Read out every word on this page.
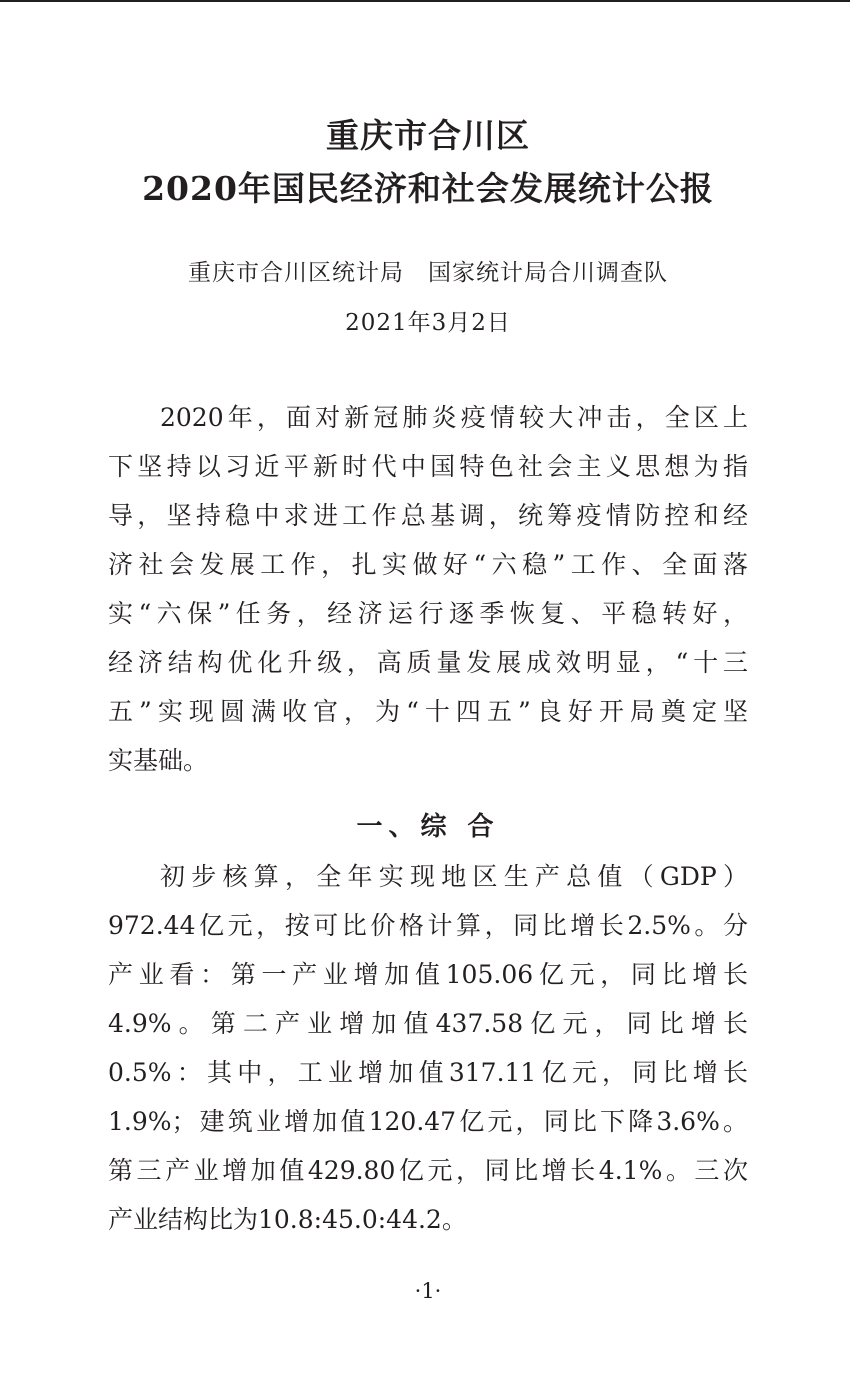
重庆市合川区
2020年国民经济和社会发展统计公报
重庆市合川区统计局　国家统计局合川调查队
2021年3月2日
2020年，面对新冠肺炎疫情较大冲击，全区上
下坚持以习近平新时代中国特色社会主义思想为指
导，坚持稳中求进工作总基调，统筹疫情防控和经
济社会发展工作，扎实做好“六稳”工作、全面落
实“六保”任务，经济运行逐季恢复、平稳转好，
经济结构优化升级，高质量发展成效明显，“十三
五”实现圆满收官，为“十四五”良好开局奠定坚
实基础。
一、综 合
初步核算，全年实现地区生产总值（GDP）
972.44亿元，按可比价格计算，同比增长2.5%。分
产业看：第一产业增加值105.06亿元，同比增长
4.9%。第二产业增加值437.58亿元，同比增长
0.5%：其中，工业增加值317.11亿元，同比增长
1.9%；建筑业增加值120.47亿元，同比下降3.6%。
第三产业增加值429.80亿元，同比增长4.1%。三次
产业结构比为10.8:45.0:44.2。
·1·
